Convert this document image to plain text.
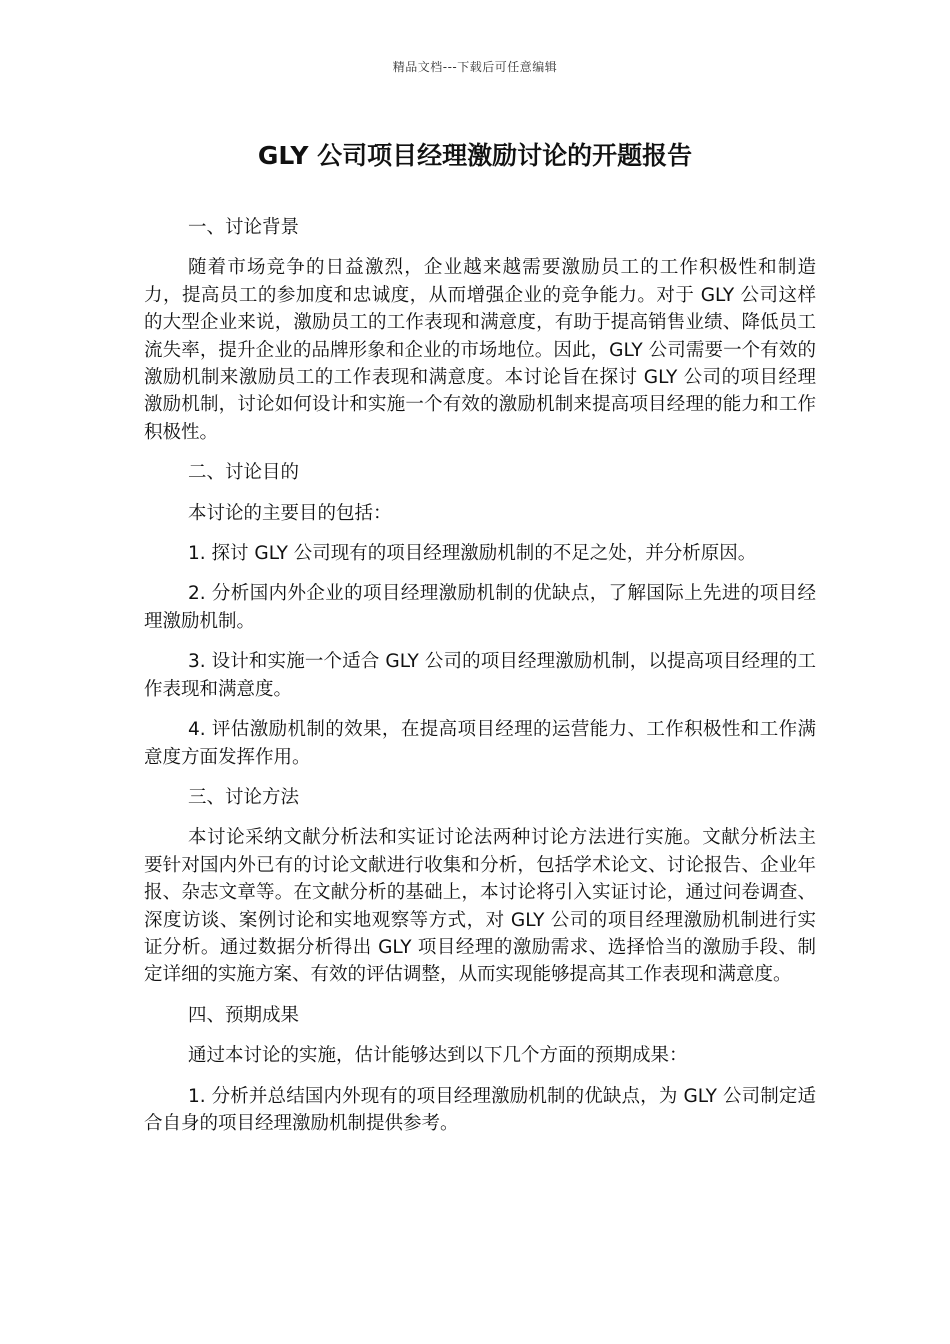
精品文档---下载后可任意编辑
GLY 公司项目经理激励讨论的开题报告

一、讨论背景

随着市场竞争的日益激烈，企业越来越需要激励员工的工作积极性和制造力，提高员工的参加度和忠诚度，从而增强企业的竞争能力。对于 GLY 公司这样的大型企业来说，激励员工的工作表现和满意度，有助于提高销售业绩、降低员工流失率，提升企业的品牌形象和企业的市场地位。因此，GLY 公司需要一个有效的激励机制来激励员工的工作表现和满意度。本讨论旨在探讨 GLY 公司的项目经理激励机制，讨论如何设计和实施一个有效的激励机制来提高项目经理的能力和工作积极性。

二、讨论目的

本讨论的主要目的包括：

1. 探讨 GLY 公司现有的项目经理激励机制的不足之处，并分析原因。

2. 分析国内外企业的项目经理激励机制的优缺点，了解国际上先进的项目经理激励机制。

3. 设计和实施一个适合 GLY 公司的项目经理激励机制，以提高项目经理的工作表现和满意度。

4. 评估激励机制的效果，在提高项目经理的运营能力、工作积极性和工作满意度方面发挥作用。

三、讨论方法

本讨论采纳文献分析法和实证讨论法两种讨论方法进行实施。文献分析法主要针对国内外已有的讨论文献进行收集和分析，包括学术论文、讨论报告、企业年报、杂志文章等。在文献分析的基础上，本讨论将引入实证讨论，通过问卷调查、深度访谈、案例讨论和实地观察等方式，对 GLY 公司的项目经理激励机制进行实证分析。通过数据分析得出 GLY 项目经理的激励需求、选择恰当的激励手段、制定详细的实施方案、有效的评估调整，从而实现能够提高其工作表现和满意度。

四、预期成果

通过本讨论的实施，估计能够达到以下几个方面的预期成果：

1. 分析并总结国内外现有的项目经理激励机制的优缺点，为 GLY 公司制定适合自身的项目经理激励机制提供参考。
